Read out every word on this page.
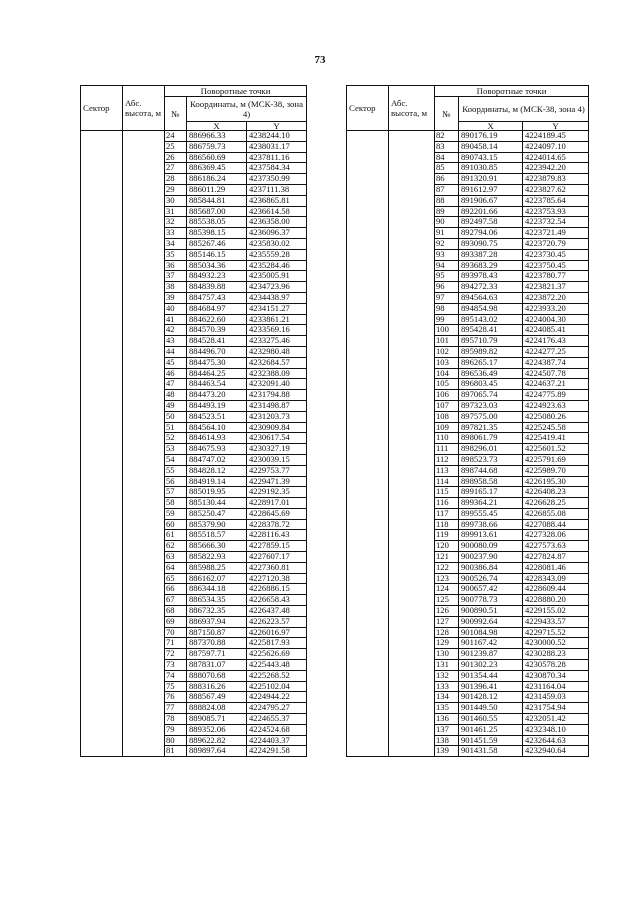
73
Сектор	Абс. высота, м	Поворотные точки		
		№	Координаты, м (МСК-38, зона 4)	
			X	Y
		24	886966.33	4238244.10
		25	886759.73	4238031.17
		26	886560.69	4237811.16
		27	886369.45	4237584.34
		28	886186.24	4237350.99
		29	886011.29	4237111.38
		30	885844.81	4236865.81
		31	885687.00	4236614.58
		32	885538.05	4236358.00
		33	885398.15	4236096.37
		34	885267.46	4235830.02
		35	885146.15	4235559.28
		36	885034.36	4235284.46
		37	884932.23	4235005.91
		38	884839.88	4234723.96
		39	884757.43	4234438.97
		40	884684.97	4234151.27
		41	884622.60	4233861.21
		42	884570.39	4233569.16
		43	884528.41	4233275.46
		44	884496.70	4232980.48
		45	884475.30	4232684.57
		46	884464.25	4232388.09
		47	884463.54	4232091.40
		48	884473.20	4231794.88
		49	884493.19	4231498.87
		50	884523.51	4231203.73
		51	884564.10	4230909.84
		52	884614.93	4230617.54
		53	884675.93	4230327.19
		54	884747.02	4230039.15
		55	884828.12	4229753.77
		56	884919.14	4229471.39
		57	885019.95	4229192.35
		58	885130.44	4228917.01
		59	885250.47	4228645.69
		60	885379.90	4228378.72
		61	885518.57	4228116.43
		62	885666.30	4227859.15
		63	885822.93	4227607.17
		64	885988.25	4227360.81
		65	886162.07	4227120.38
		66	886344.18	4226886.15
		67	886534.35	4226658.43
		68	886732.35	4226437.48
		69	886937.94	4226223.57
		70	887150.87	4226016.97
		71	887370.88	4225817.93
		72	887597.71	4225626.69
		73	887831.07	4225443.48
		74	888070.68	4225268.52
		75	888316.26	4225102.04
		76	888567.49	4224944.22
		77	888824.08	4224795.27
		78	889085.71	4224655.37
		79	889352.06	4224524.68
		80	889622.82	4224403.37
		81	889897.64	4224291.58
Сектор	Абс. высота, м	Поворотные точки		
		№	Координаты, м (МСК-38, зона 4)	
			X	Y
		82	890176.19	4224189.45
		83	890458.14	4224097.10
		84	890743.15	4224014.65
		85	891030.85	4223942.20
		86	891320.91	4223879.83
		87	891612.97	4223827.62
		88	891906.67	4223785.64
		89	892201.66	4223753.93
		90	892497.58	4223732.54
		91	892794.06	4223721.49
		92	893090.75	4223720.79
		93	893387.28	4223730.45
		94	893683.29	4223750.45
		95	893978.43	4223780.77
		96	894272.33	4223821.37
		97	894564.63	4223872.20
		98	894854.98	4223933.20
		99	895143.02	4224004.30
		100	895428.41	4224085.41
		101	895710.79	4224176.43
		102	895989.82	4224277.25
		103	896265.17	4224387.74
		104	896536.49	4224507.78
		105	896803.45	4224637.21
		106	897065.74	4224775.89
		107	897323.03	4224923.63
		108	897575.00	4225080.26
		109	897821.35	4225245.58
		110	898061.79	4225419.41
		111	898296.01	4225601.52
		112	898523.73	4225791.69
		113	898744.68	4225989.70
		114	898958.58	4226195.30
		115	899165.17	4226408.23
		116	899364.21	4226628.25
		117	899555.45	4226855.08
		118	899738.66	4227088.44
		119	899913.61	4227328.06
		120	900080.09	4227573.63
		121	900237.90	4227824.87
		122	900386.84	4228081.46
		123	900526.74	4228343.09
		124	900657.42	4228609.44
		125	900778.73	4228880.20
		126	900890.51	4229155.02
		127	900992.64	4229433.57
		128	901084.98	4229715.52
		129	901167.42	4230000.52
		130	901239.87	4230288.23
		131	901302.23	4230578.28
		132	901354.44	4230870.34
		133	901396.41	4231164.04
		134	901428.12	4231459.03
		135	901449.50	4231754.94
		136	901460.55	4232051.42
		137	901461.25	4232348.10
		138	901451.59	4232644.63
		139	901431.58	4232940.64
